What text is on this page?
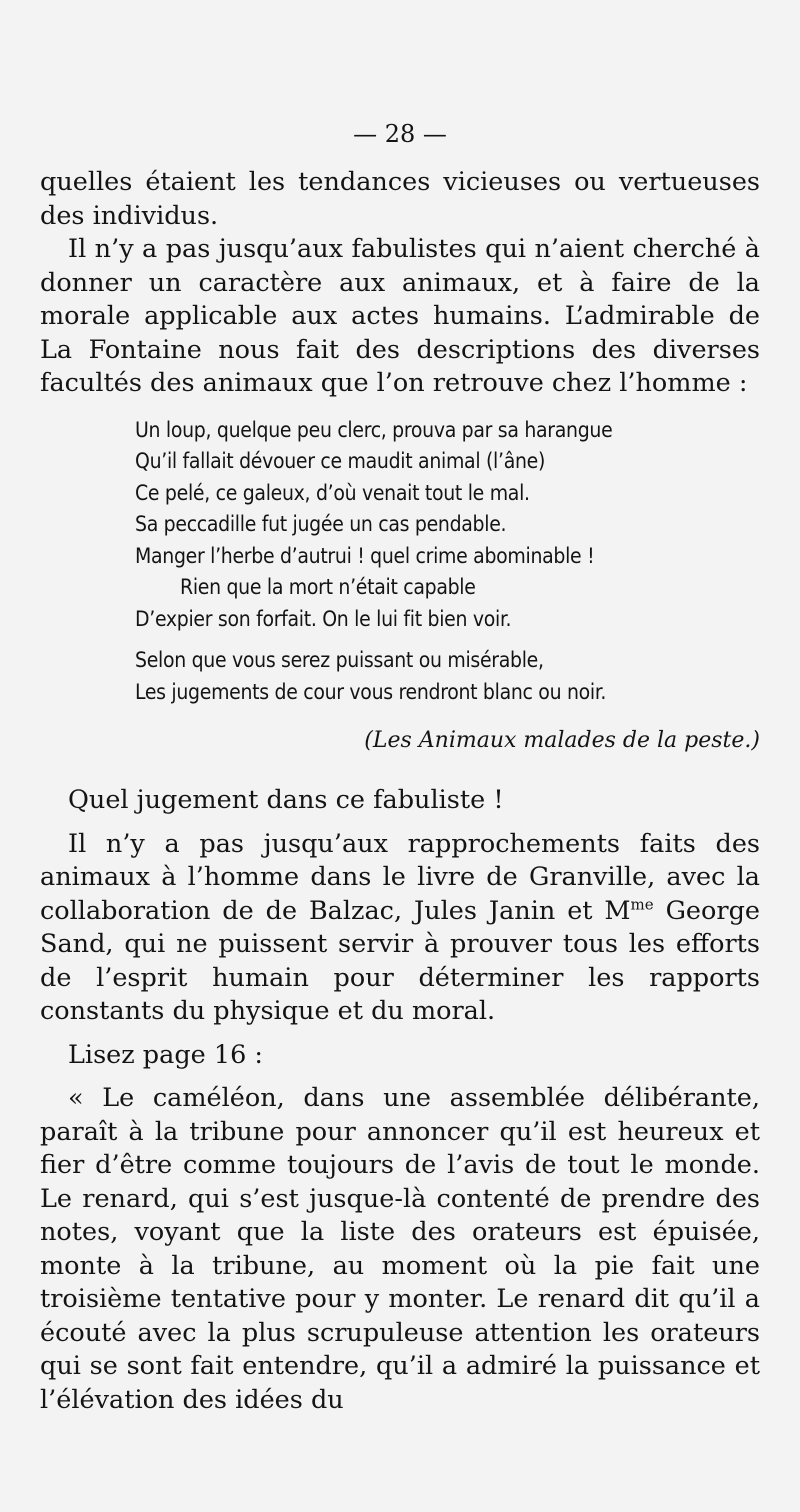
— 28 —

quelles étaient les tendances vicieuses ou vertueuses des individus.

Il n’y a pas jusqu’aux fabulistes qui n’aient cherché à donner un caractère aux animaux, et à faire de la morale applicable aux actes humains. L’admirable de La Fontaine nous fait des descriptions des diverses facultés des animaux que l’on retrouve chez l’homme :

Un loup, quelque peu clerc, prouva par sa harangue
Qu’il fallait dévouer ce maudit animal (l’âne)
Ce pelé, ce galeux, d’où venait tout le mal.
Sa peccadille fut jugée un cas pendable.
Manger l’herbe d’autrui ! quel crime abominable !
Rien que la mort n’était capable
D’expier son forfait. On le lui fit bien voir.
Selon que vous serez puissant ou misérable,
Les jugements de cour vous rendront blanc ou noir.
(Les Animaux malades de la peste.)

Quel jugement dans ce fabuliste !

Il n’y a pas jusqu’aux rapprochements faits des animaux à l’homme dans le livre de Granville, avec la collaboration de de Balzac, Jules Janin et $M^{me}$ George Sand, qui ne puissent servir à prouver tous les efforts de l’esprit humain pour déterminer les rapports constants du physique et du moral.

Lisez page 16 :

« Le caméléon, dans une assemblée délibérante, paraît à la tribune pour annoncer qu’il est heureux et fier d’être comme toujours de l’avis de tout le monde. Le renard, qui s’est jusque-là contenté de prendre des notes, voyant que la liste des orateurs est épuisée, monte à la tribune, au moment où la pie fait une troisième tentative pour y monter. Le renard dit qu’il a écouté avec la plus scrupuleuse attention les orateurs qui se sont fait entendre, qu’il a admiré la puissance et l’élévation des idées du
